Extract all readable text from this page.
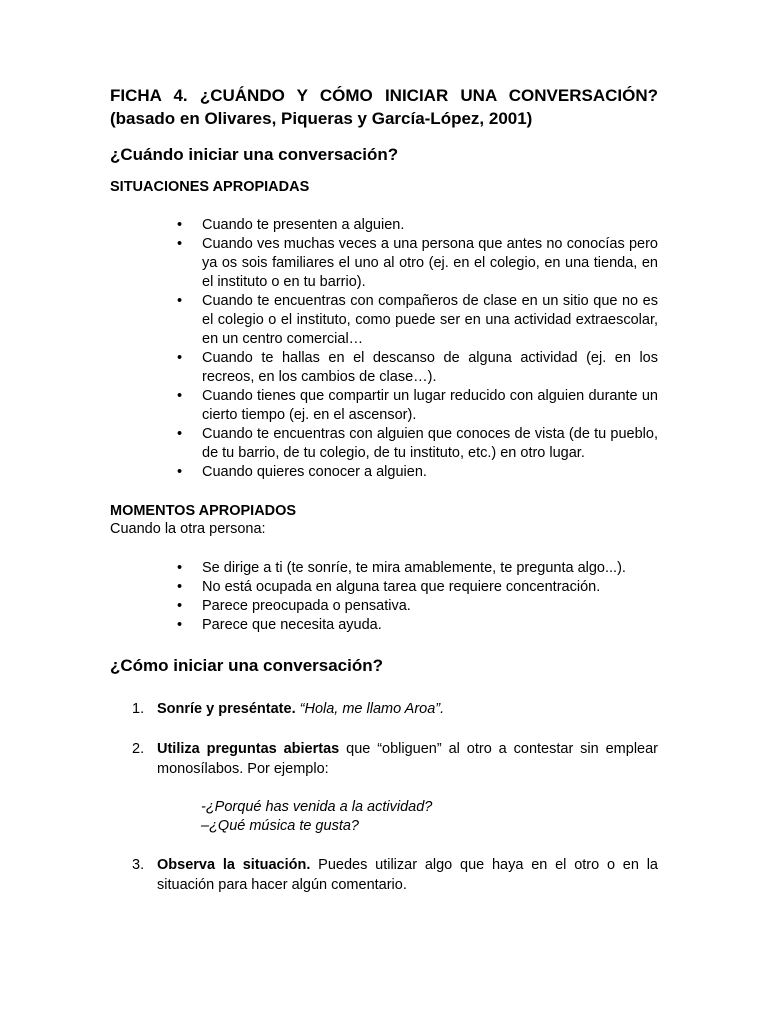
FICHA 4. ¿CUÁNDO Y CÓMO INICIAR UNA CONVERSACIÓN?
(basado en Olivares, Piqueras y García-López, 2001)

¿Cuándo iniciar una conversación?

SITUACIONES APROPIADAS

• Cuando te presenten a alguien.
• Cuando ves muchas veces a una persona que antes no conocías pero ya os sois familiares el uno al otro (ej. en el colegio, en una tienda, en el instituto o en tu barrio).
• Cuando te encuentras con compañeros de clase en un sitio que no es el colegio o el instituto, como puede ser en una actividad extraescolar, en un centro comercial…
• Cuando te hallas en el descanso de alguna actividad (ej. en los recreos, en los cambios de clase…).
• Cuando tienes que compartir un lugar reducido con alguien durante un cierto tiempo (ej. en el ascensor).
• Cuando te encuentras con alguien que conoces de vista (de tu pueblo, de tu barrio, de tu colegio, de tu instituto, etc.) en otro lugar.
• Cuando quieres conocer a alguien.

MOMENTOS APROPIADOS

Cuando la otra persona:

• Se dirige a ti (te sonríe, te mira amablemente, te pregunta algo...).
• No está ocupada en alguna tarea que requiere concentración.
• Parece preocupada o pensativa.
• Parece que necesita ayuda.

¿Cómo iniciar una conversación?

1. Sonríe y preséntate. “Hola, me llamo Aroa”.
2. Utiliza preguntas abiertas que “obliguen” al otro a contestar sin emplear monosílabos. Por ejemplo:
-¿Porqué has venida a la actividad?
–¿Qué música te gusta?
3. Observa la situación. Puedes utilizar algo que haya en el otro o en la situación para hacer algún comentario.
